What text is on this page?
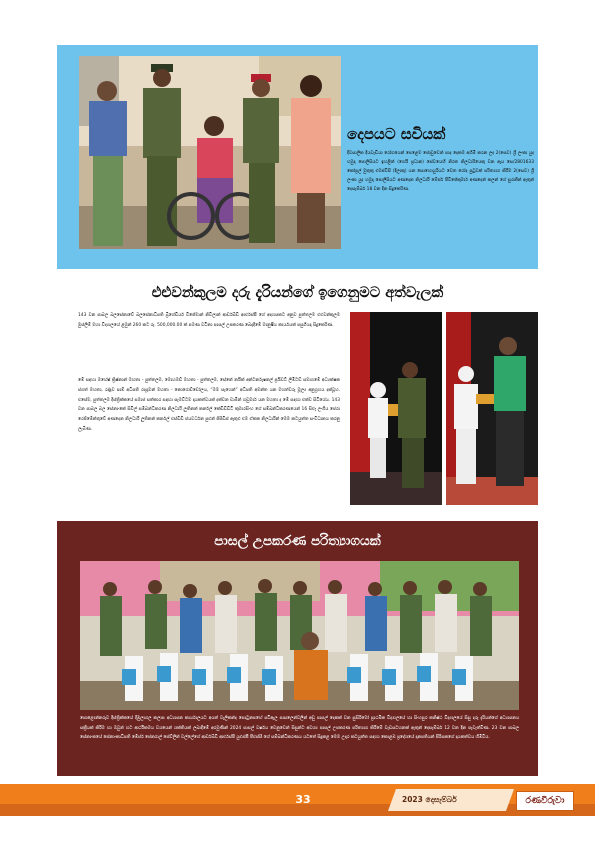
දෙපයට සවියක්
දිවසාලික දියවැඩියා රෝගයෙන් පෙළෙම ජොඩුවෙන් පාද දෙකම අහිමි කරන ලද 2(සෙව) ශ්‍රී ලංකා යුද හමුදා පොලීසියට ඉහළින් (ගෙයි ප්‍රධාන) සේවයෙහි නිරත නිලධාරියෙකු වන ඇය සෙ/2801633 කෝප්‍රල් මුතුකු එමප්වීසී (දිලාකු) යන සොහොයුරියට වෙත රෝද පුටුවක් පරිත්‍යාග කිරීම 2(සෙව) ශ්‍රී ලංකා යුද හමුදා පොලීසියට අණදෙන නිලධාරී මේජර් පීවීජේකුමාර් අණදෙන් කලන් ගේ සුරැකීන් ඇතුන් දෙසැම්බර් 18 වන දින සිදුකෙරිණ.
එළුවන්කුලම දරු දැරියන්ගේ ඉගෙනුමට අත්වැලක්
143 වන පාබල බලසේනාවේ බලසේනාධිපති බ්‍රිගේඩියර් විජේමාන් නිවිලාන් ආර්ඩබ්ඩී ආර්එස්පී ගේ අදහසකට අනුව පුත්තලම එළුවන්කුලම මුස්ලිම් මහා විද්‍යාලයේ ළමුන් 260 කට රු. 500,000.00 ක් පමණ වටිනා පාසල් උපකරණ බෙදාදීමේ මානුෂීය කාර්යයක් පසුගියදා සිදුකෙරිණ.
මේ සඳහා මහේෂ් ක්‍රිෂ්නාන් මහතා - පුත්තලම, මොහමඩ් මහතා - පුත්තලම, සේනේ නයික් අන්ටර්නැෂනල් ප්‍රයිවට් ලිමිටඩ් සමාගමේ අධ්‍යක්ෂක ජගත් මහතා, රද්දූව පාම් අධිපති රාසූමන් මහතා - නොරොච්චෝලය, “මම සැහෙන්” අධිපති අමන්ත යන මහත්වරු මූල්‍ය අනුග්‍රහය දක්වූහ. එසේම, පුත්තලම දිස්ත්‍රික්කයේ සමාජ සත්කාර සඳහා සැමවිටම දායකත්වයක් දක්වන චාමින් හඩුමාර් යන මහතා ද මේ සඳහා එක්ව සිටියේය. 143 වන පාබල බල සේනාංකේ සිවිල් සම්බන්ධීකරණ නිලධාරී ලුතිනන් කර්නල් කේඩීඩීඩීටී කුමාරසිංහ ගේ සම්බන්ධීකරණයෙන් 16 සිළූ ලංගිය ජෙරා රෙජිමේන්තුවේ අණදෙන නිලධාරී ලුතිනන් කර්නල් එස්ඩීඩී ජයවර්ධන පුළුන් ජිපිඩිස් ඇතුළු එම ඒකක නිලධාරීන් මෙම කටයුත්ත සංවිධානය කරනු ලැබිණ.
පාසල් උපකරණ පරිත්‍යාගයක්
පොළොන්නරුව දිස්ත්‍රික්කයේ දිඹුලාගල කලාප අධ්‍යාපන කාර්යාලයට අයත් වැලිකන්ද පොටුනපහේ පටිඇල පාසලෙන්වලින් අඩු පාසල් දෙකක් වන සුසිරිමෝ ප්‍රාථමික විද්‍යාලයේ හා සිංහපුර කනිෂ්ඨ විද්‍යාලයේ සිසු දරු දැරියන්ගේ අධ්‍යාපනය සක්‍රීයක් කිරීම හා ඔවුන් හට ආර්ථිකමය වශයෙන් ශක්තියක් ලබාදීමේ අරමුණින් 2024 පාසල් වර්ෂය වෙනුවෙන් සිසුන්ට අවශ්‍ය පාසල් උපකරණ පරිත්‍යාග කිරීමේ වැඩසටහනක් ඇතුන් දෙසැම්බර් 12 වන දින පැවැත්විණ. 23 වන පාබල සේනාංකයේ සේනාංකාධිපති මේජර් ජෙනරාල් සේව්ලින් වල්ලේගේ ආර්ඩබ්ඩී ආර්එස්පී යුඑස්පී පීඑස්සී ගේ සම්බන්ධීකරණය යටතේ සිදුකළ මෙම උදාර කටයුත්ත සඳහා කොළඹ ප්‍රදේශයේ දානපතියන් පිරිසකගේ දායකත්වය හිමිවිය.
33	2023 දෙසැම්බර්	රණවිරුවා
